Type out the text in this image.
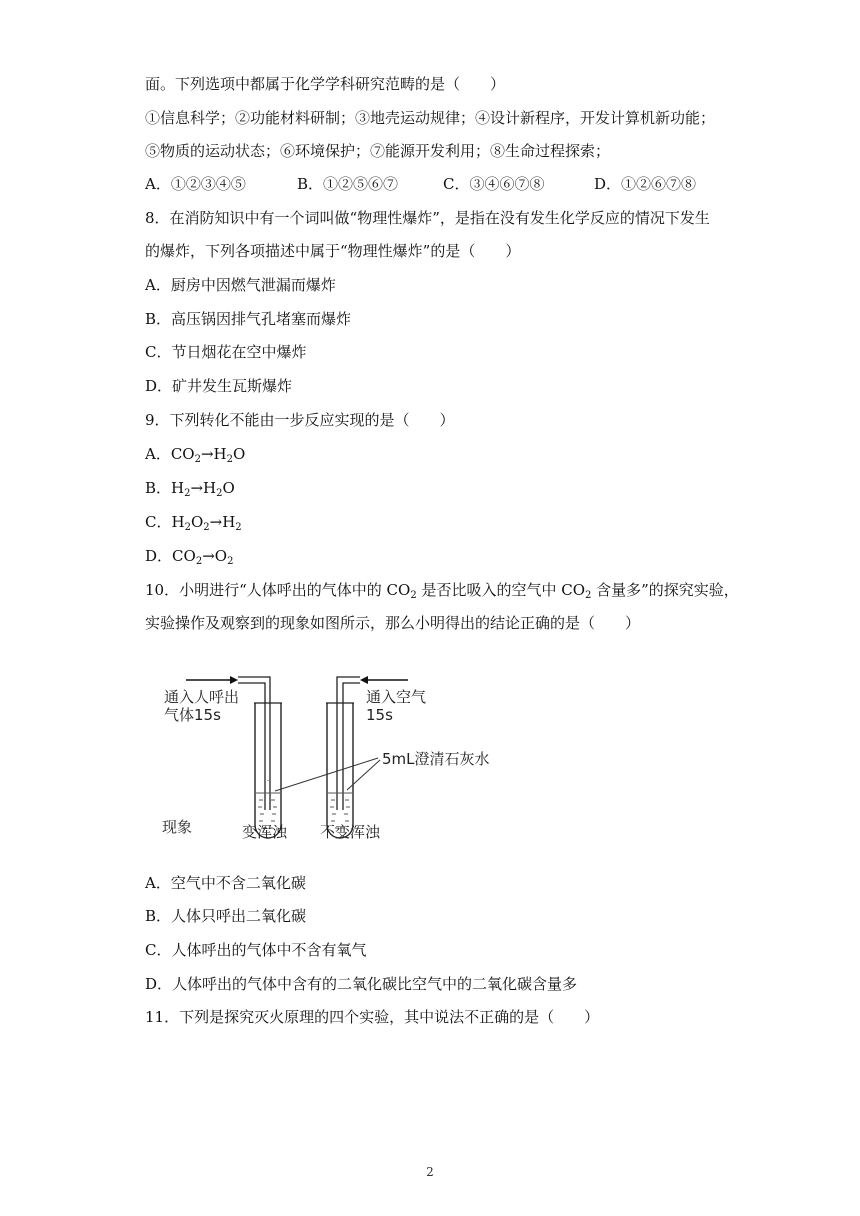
面。下列选项中都属于化学学科研究范畴的是（　　）
①信息科学；②功能材料研制；③地壳运动规律；④设计新程序，开发计算机新功能；
⑤物质的运动状态；⑥环境保护；⑦能源开发利用；⑧生命过程探索；
A．①②③④⑤	B．①②⑤⑥⑦	C．③④⑥⑦⑧	D．①②⑥⑦⑧
8．在消防知识中有一个词叫做“物理性爆炸”，是指在没有发生化学反应的情况下发生
的爆炸，下列各项描述中属于“物理性爆炸”的是（　　）
A．厨房中因燃气泄漏而爆炸
B．高压锅因排气孔堵塞而爆炸
C．节日烟花在空中爆炸
D．矿井发生瓦斯爆炸
9．下列转化不能由一步反应实现的是（　　）
A．$CO_2\to H_2O$
B．$H_2\to H_2O$
C．$H_2O_2\to H_2$
D．$CO_2\to O_2$
10．小明进行“人体呼出的气体中的 $CO_2$ 是否比吸入的空气中 $CO_2$ 含量多”的探究实验，
实验操作及观察到的现象如图所示，那么小明得出的结论正确的是（　　）
通入人呼出
气体15s
通入空气
15s
5mL澄清石灰水
现象	变浑浊 不变浑浊
A．空气中不含二氧化碳
B．人体只呼出二氧化碳
C．人体呼出的气体中不含有氧气
D．人体呼出的气体中含有的二氧化碳比空气中的二氧化碳含量多
11．下列是探究灭火原理的四个实验，其中说法不正确的是（　　）
2
